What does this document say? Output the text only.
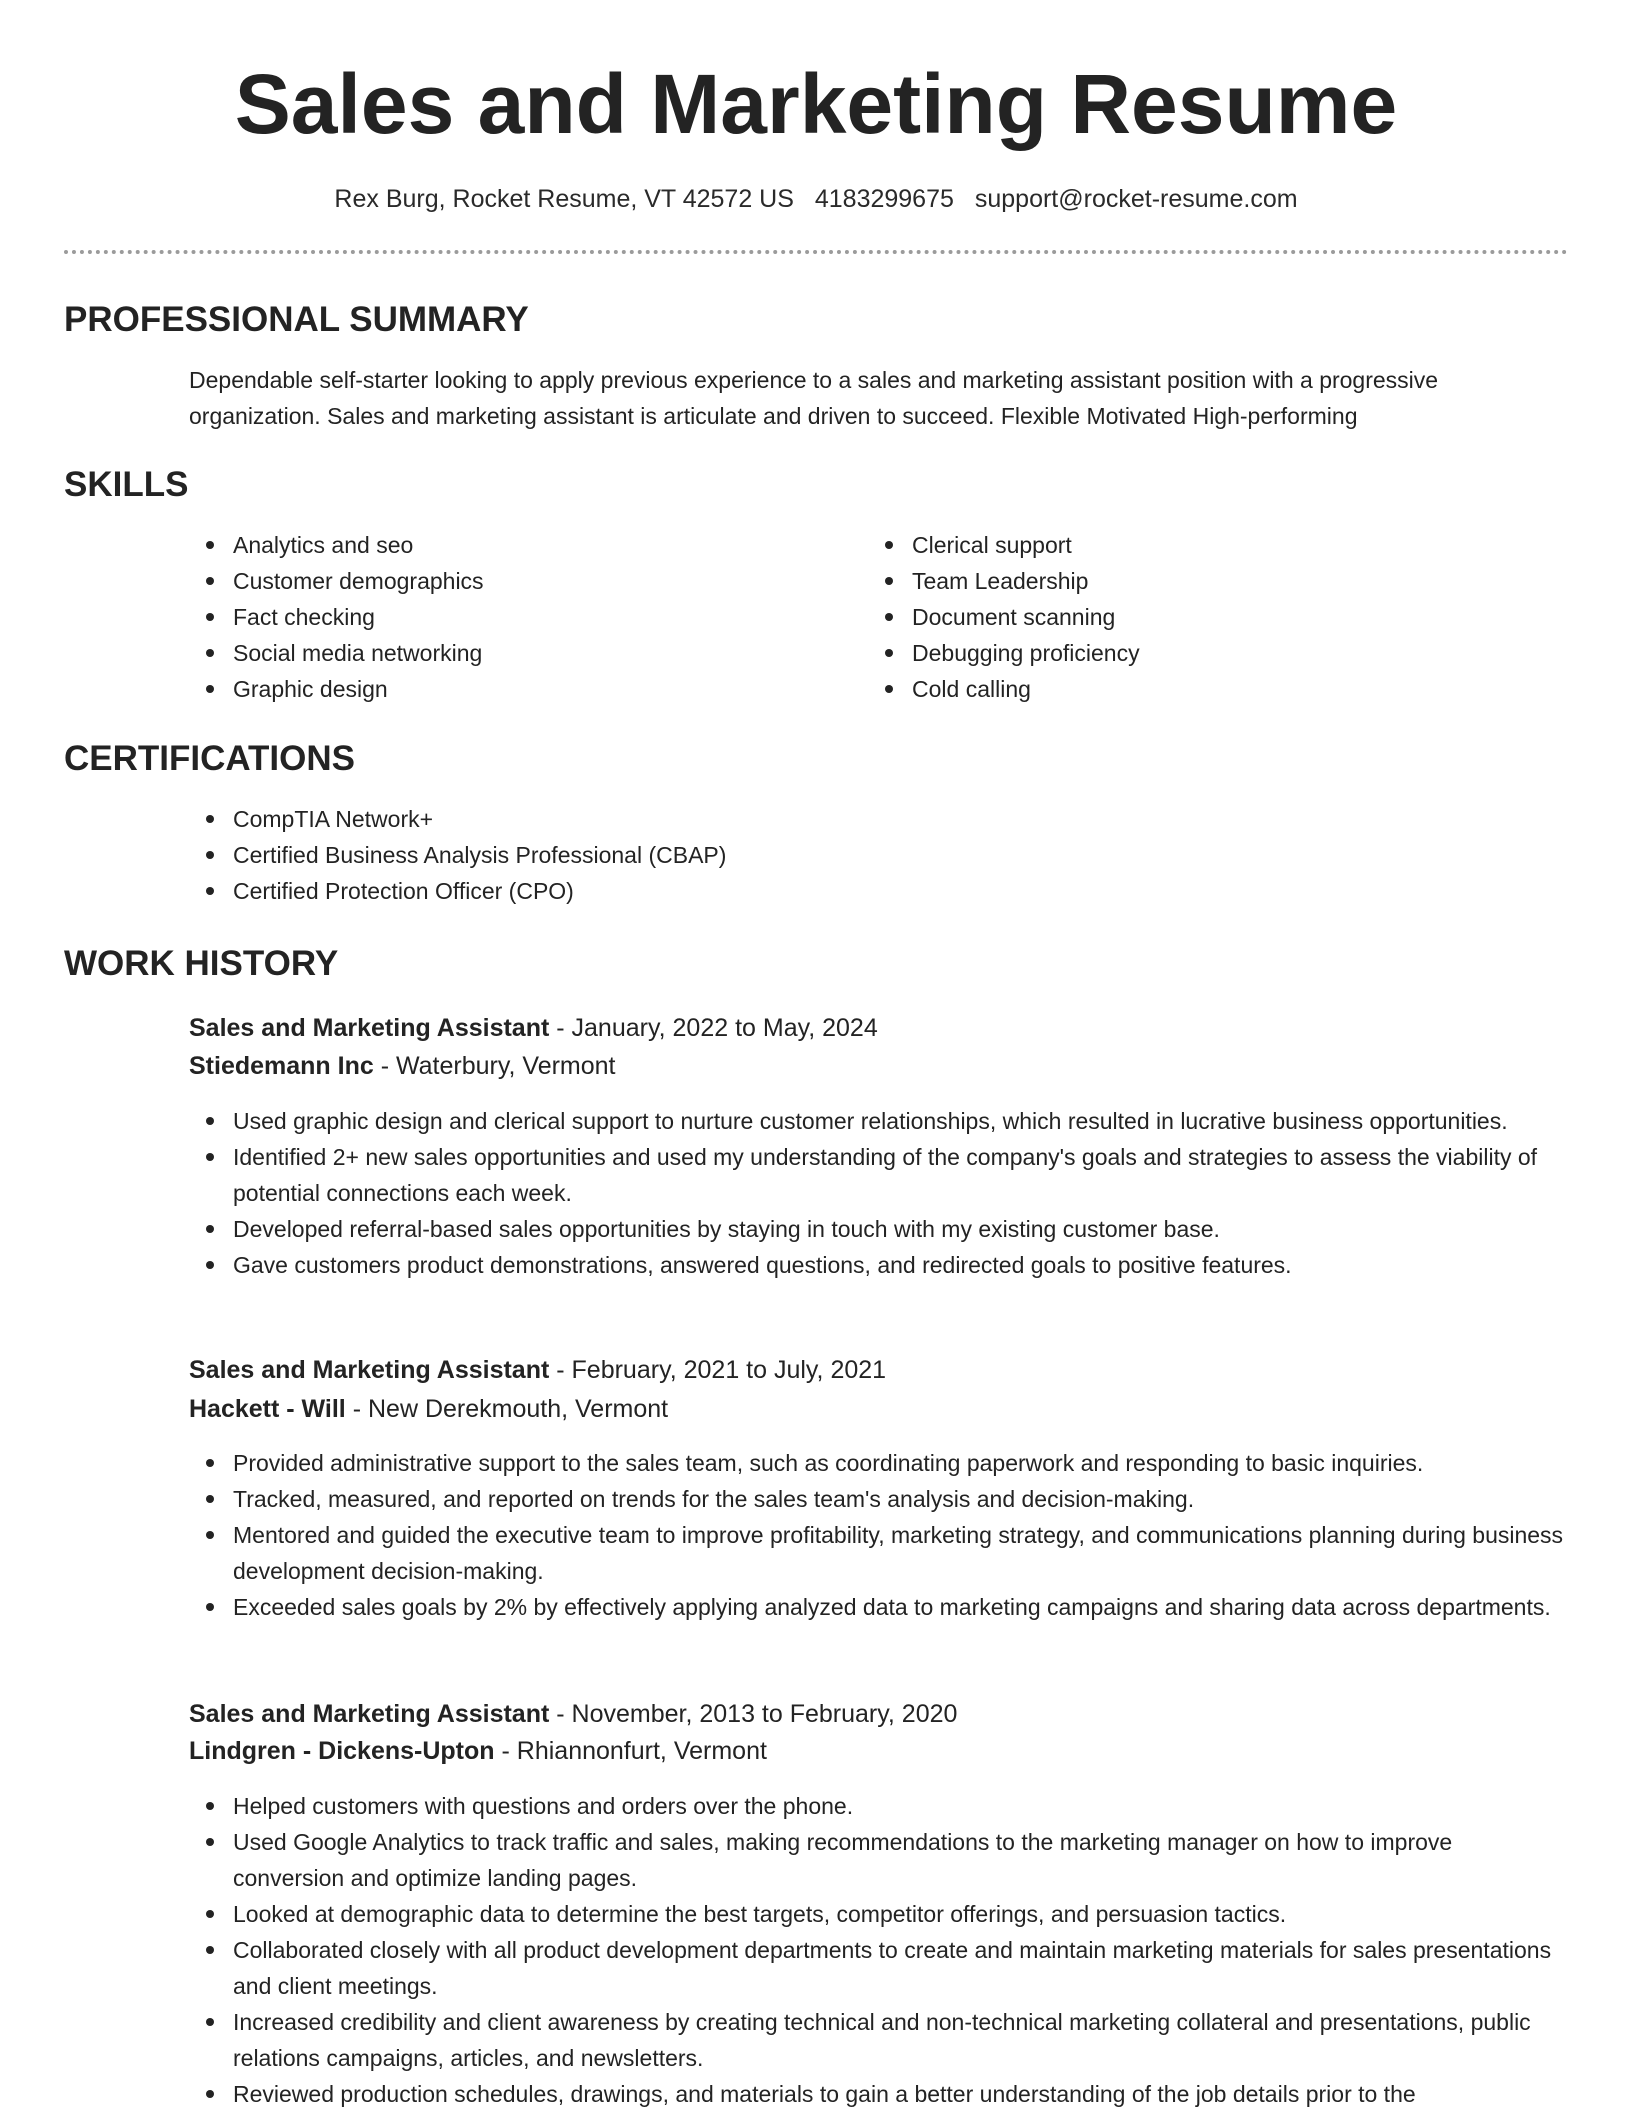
Sales and Marketing Resume
Rex Burg, Rocket Resume, VT 42572 US 4183299675 support@rocket-resume.com
PROFESSIONAL SUMMARY

Dependable self-starter looking to apply previous experience to a sales and marketing assistant position with a progressive organization. Sales and marketing assistant is articulate and driven to succeed. Flexible Motivated High-performing

SKILLS
Analytics and seo
Customer demographics
Fact checking
Social media networking
Graphic design
Clerical support
Team Leadership
Document scanning
Debugging proficiency
Cold calling
CERTIFICATIONS
CompTIA Network+
Certified Business Analysis Professional (CBAP)
Certified Protection Officer (CPO)
WORK HISTORY
Sales and Marketing Assistant - January, 2022 to May, 2024
Stiedemann Inc - Waterbury, Vermont
Used graphic design and clerical support to nurture customer relationships, which resulted in lucrative business opportunities.
Identified 2+ new sales opportunities and used my understanding of the company's goals and strategies to assess the viability of potential connections each week.
Developed referral-based sales opportunities by staying in touch with my existing customer base.
Gave customers product demonstrations, answered questions, and redirected goals to positive features.
Sales and Marketing Assistant - February, 2021 to July, 2021
Hackett - Will - New Derekmouth, Vermont
Provided administrative support to the sales team, such as coordinating paperwork and responding to basic inquiries.
Tracked, measured, and reported on trends for the sales team's analysis and decision-making.
Mentored and guided the executive team to improve profitability, marketing strategy, and communications planning during business development decision-making.
Exceeded sales goals by 2% by effectively applying analyzed data to marketing campaigns and sharing data across departments.
Sales and Marketing Assistant - November, 2013 to February, 2020
Lindgren - Dickens-Upton - Rhiannonfurt, Vermont
Helped customers with questions and orders over the phone.
Used Google Analytics to track traffic and sales, making recommendations to the marketing manager on how to improve conversion and optimize landing pages.
Looked at demographic data to determine the best targets, competitor offerings, and persuasion tactics.
Collaborated closely with all product development departments to create and maintain marketing materials for sales presentations and client meetings.
Increased credibility and client awareness by creating technical and non-technical marketing collateral and presentations, public relations campaigns, articles, and newsletters.
Reviewed production schedules, drawings, and materials to gain a better understanding of the job details prior to the
